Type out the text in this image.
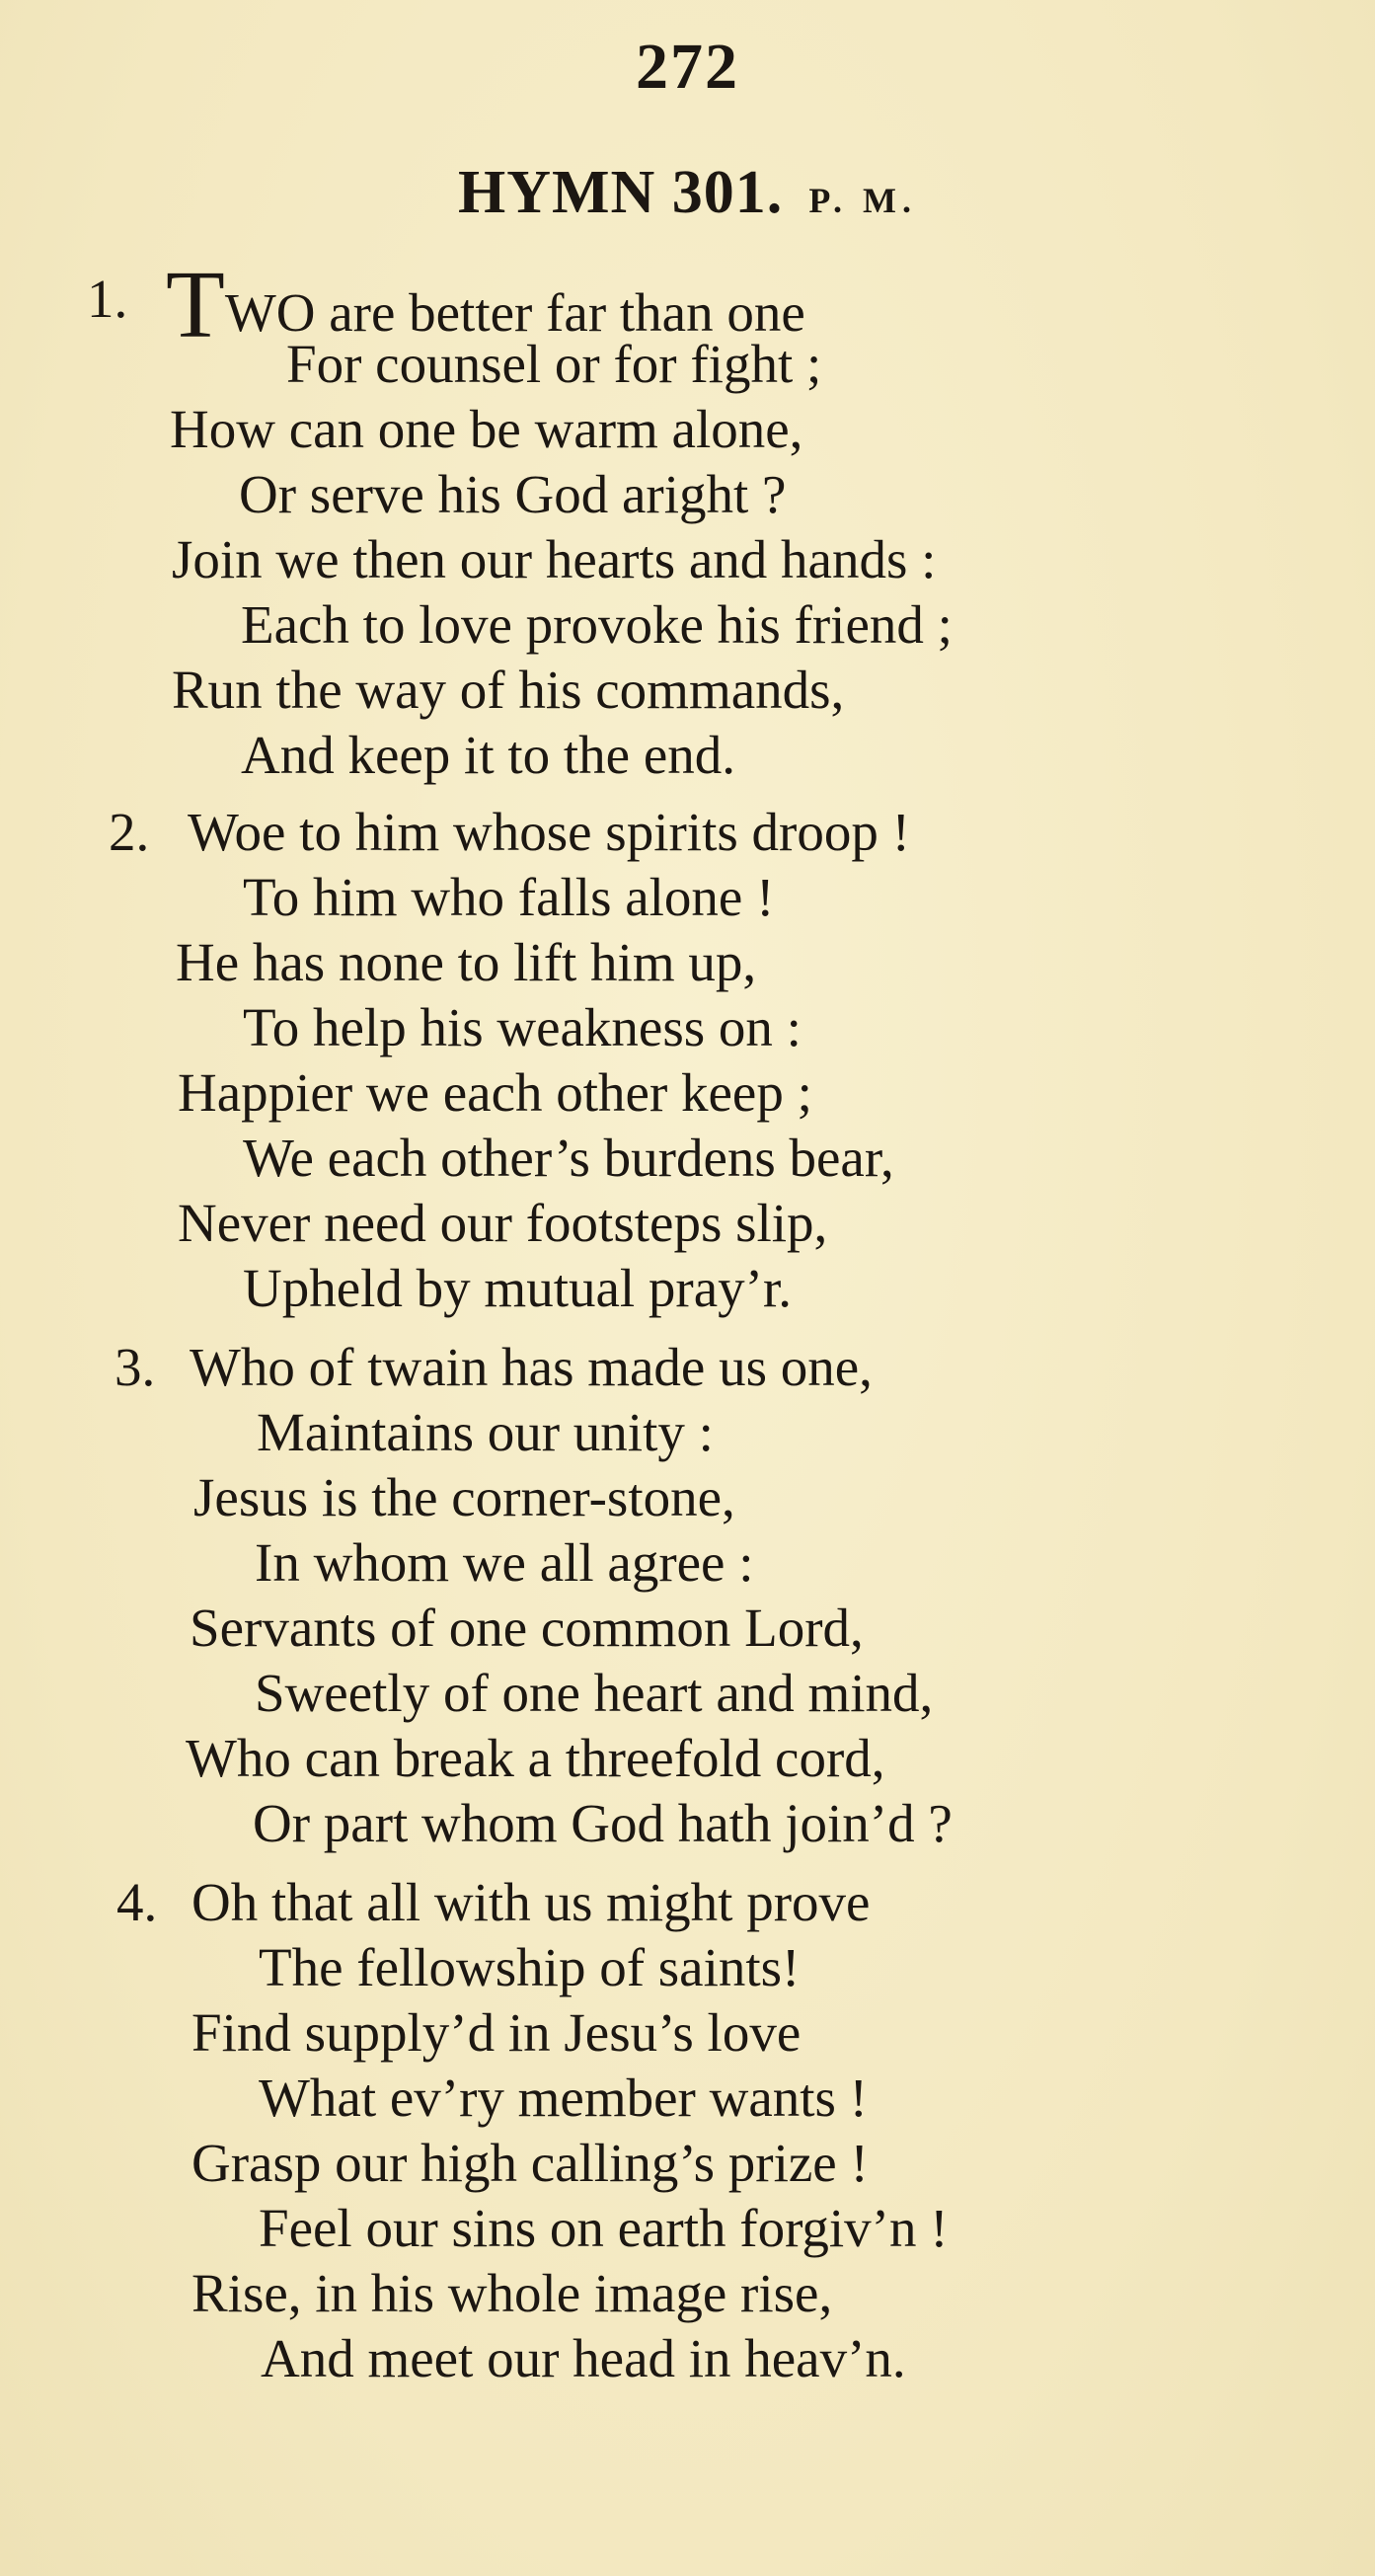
272
HYMN 301. P. M.
1. TWO are better far than one
For counsel or for fight ;
How can one be warm alone,
Or serve his God aright ?
Join we then our hearts and hands :
Each to love provoke his friend ;
Run the way of his commands,
And keep it to the end.
2. Woe to him whose spirits droop !
To him who falls alone !
He has none to lift him up,
To help his weakness on :
Happier we each other keep ;
We each other’s burdens bear,
Never need our footsteps slip,
Upheld by mutual pray’r.
3. Who of twain has made us one,
Maintains our unity :
Jesus is the corner-stone,
In whom we all agree :
Servants of one common Lord,
Sweetly of one heart and mind,
Who can break a threefold cord,
Or part whom God hath join’d ?
4. Oh that all with us might prove
The fellowship of saints!
Find supply’d in Jesu’s love
What ev’ry member wants !
Grasp our high calling’s prize !
Feel our sins on earth forgiv’n !
Rise, in his whole image rise,
And meet our head in heav’n.
